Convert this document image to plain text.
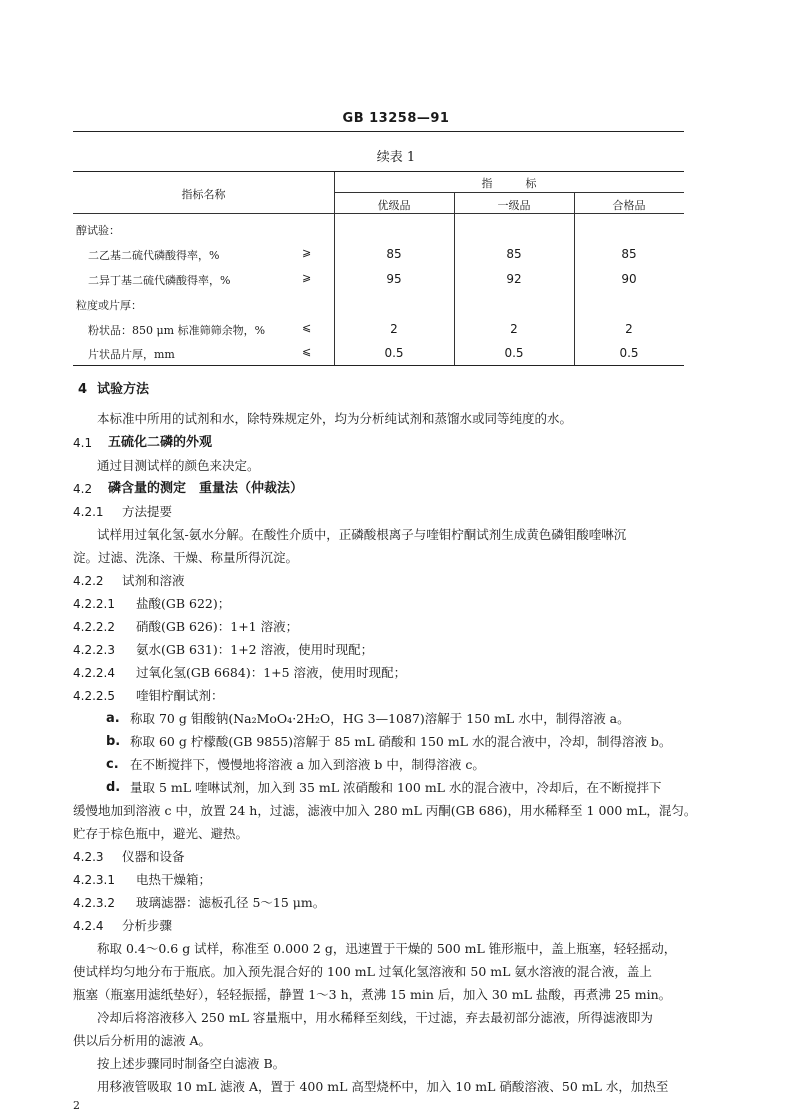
GB 13258—91
续表 1
指标名称
指　　　标
优级品	一级品	合格品
醇试验：
二乙基二硫代磷酸得率，%	⩾	85	85	85
二异丁基二硫代磷酸得率，%	⩾	95	92	90
粒度或片厚：
粉状品：850 μm 标准筛筛余物，%	⩽	2	2	2
片状品片厚，mm	⩽	0.5	0.5	0.5
4 试验方法
本标准中所用的试剂和水，除特殊规定外，均为分析纯试剂和蒸馏水或同等纯度的水。
4.1 五硫化二磷的外观
通过目测试样的颜色来决定。
4.2 磷含量的测定　重量法（仲裁法）
4.2.1 方法提要
试样用过氧化氢-氨水分解。在酸性介质中，正磷酸根离子与喹钼柠酮试剂生成黄色磷钼酸喹啉沉
淀。过滤、洗涤、干燥、称量所得沉淀。
4.2.2 试剂和溶液
4.2.2.1 盐酸(GB 622)；
4.2.2.2 硝酸(GB 626)：1+1 溶液；
4.2.2.3 氨水(GB 631)：1+2 溶液，使用时现配；
4.2.2.4 过氧化氢(GB 6684)：1+5 溶液，使用时现配；
4.2.2.5 喹钼柠酮试剂：
a. 称取 70 g 钼酸钠(Na₂MoO₄·2H₂O，HG 3—1087)溶解于 150 mL 水中，制得溶液 a。
b. 称取 60 g 柠檬酸(GB 9855)溶解于 85 mL 硝酸和 150 mL 水的混合液中，冷却，制得溶液 b。
c. 在不断搅拌下，慢慢地将溶液 a 加入到溶液 b 中，制得溶液 c。
d. 量取 5 mL 喹啉试剂，加入到 35 mL 浓硝酸和 100 mL 水的混合液中，冷却后，在不断搅拌下
缓慢地加到溶液 c 中，放置 24 h，过滤，滤液中加入 280 mL 丙酮(GB 686)，用水稀释至 1 000 mL，混匀。
贮存于棕色瓶中，避光、避热。
4.2.3 仪器和设备
4.2.3.1 电热干燥箱；
4.2.3.2 玻璃滤器：滤板孔径 5～15 μm。
4.2.4 分析步骤
称取 0.4～0.6 g 试样，称准至 0.000 2 g，迅速置于干燥的 500 mL 锥形瓶中，盖上瓶塞，轻轻摇动，
使试样均匀地分布于瓶底。加入预先混合好的 100 mL 过氧化氢溶液和 50 mL 氨水溶液的混合液，盖上
瓶塞（瓶塞用滤纸垫好），轻轻振摇，静置 1～3 h，煮沸 15 min 后，加入 30 mL 盐酸，再煮沸 25 min。
冷却后将溶液移入 250 mL 容量瓶中，用水稀释至刻线，干过滤，弃去最初部分滤液，所得滤液即为
供以后分析用的滤液 A。
按上述步骤同时制备空白滤液 B。
用移液管吸取 10 mL 滤液 A，置于 400 mL 高型烧杯中，加入 10 mL 硝酸溶液、50 mL 水，加热至
2
